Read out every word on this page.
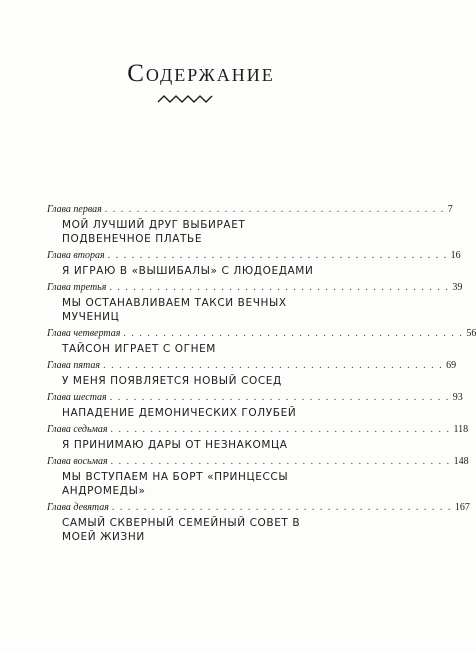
Содержание
Глава первая . . . . . . . . . . . . . . . . . . . . . . . . . . . . . . . . . . . . . . . . . . . 7
МОЙ ЛУЧШИЙ ДРУГ ВЫБИРАЕТ ПОДВЕНЕЧНОЕ ПЛАТЬЕ
Глава вторая . . . . . . . . . . . . . . . . . . . . . . . . . . . . . . . . . . . . . . . . . . . 16
Я ИГРАЮ В «ВЫШИБАЛЫ» С ЛЮДОЕДАМИ
Глава третья . . . . . . . . . . . . . . . . . . . . . . . . . . . . . . . . . . . . . . . . . . . 39
МЫ ОСТАНАВЛИВАЕМ ТАКСИ ВЕЧНЫХ МУЧЕНИЦ
Глава четвертая . . . . . . . . . . . . . . . . . . . . . . . . . . . . . . . . . . . . . . . . . . . 56
ТАЙСОН ИГРАЕТ С ОГНЕМ
Глава пятая . . . . . . . . . . . . . . . . . . . . . . . . . . . . . . . . . . . . . . . . . . . 69
У МЕНЯ ПОЯВЛЯЕТСЯ НОВЫЙ СОСЕД
Глава шестая . . . . . . . . . . . . . . . . . . . . . . . . . . . . . . . . . . . . . . . . . . . 93
НАПАДЕНИЕ ДЕМОНИЧЕСКИХ ГОЛУБЕЙ
Глава седьмая . . . . . . . . . . . . . . . . . . . . . . . . . . . . . . . . . . . . . . . . . . . 118
Я ПРИНИМАЮ ДАРЫ ОТ НЕЗНАКОМЦА
Глава восьмая . . . . . . . . . . . . . . . . . . . . . . . . . . . . . . . . . . . . . . . . . . . 148
МЫ ВСТУПАЕМ НА БОРТ «ПРИНЦЕССЫ АНДРОМЕДЫ»
Глава девятая . . . . . . . . . . . . . . . . . . . . . . . . . . . . . . . . . . . . . . . . . . . 167
САМЫЙ СКВЕРНЫЙ СЕМЕЙНЫЙ СОВЕТ В МОЕЙ ЖИЗНИ
